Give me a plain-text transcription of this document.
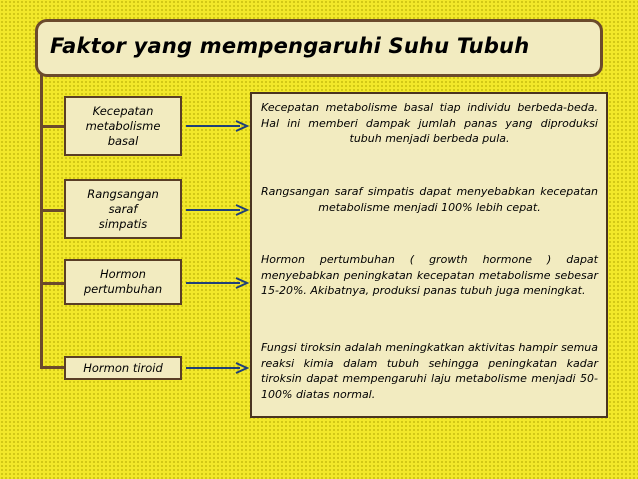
Faktor yang mempengaruhi Suhu Tubuh
Kecepatan
metabolisme
basal
Rangsangan
saraf
simpatis
Hormon
pertumbuhan
Hormon tiroid

Kecepatan metabolisme basal tiap individu berbeda-beda. Hal ini memberi dampak jumlah panas yang diproduksi tubuh menjadi berbeda pula.

Rangsangan saraf simpatis dapat menyebabkan kecepatan metabolisme menjadi 100% lebih cepat.

Hormon pertumbuhan ( growth hormone ) dapat menyebabkan peningkatan kecepatan metabolisme sebesar 15-20%. Akibatnya, produksi panas tubuh juga meningkat.

Fungsi tiroksin adalah meningkatkan aktivitas hampir semua reaksi kimia dalam tubuh sehingga peningkatan kadar tiroksin dapat mempengaruhi laju metabolisme menjadi 50-100% diatas normal.
